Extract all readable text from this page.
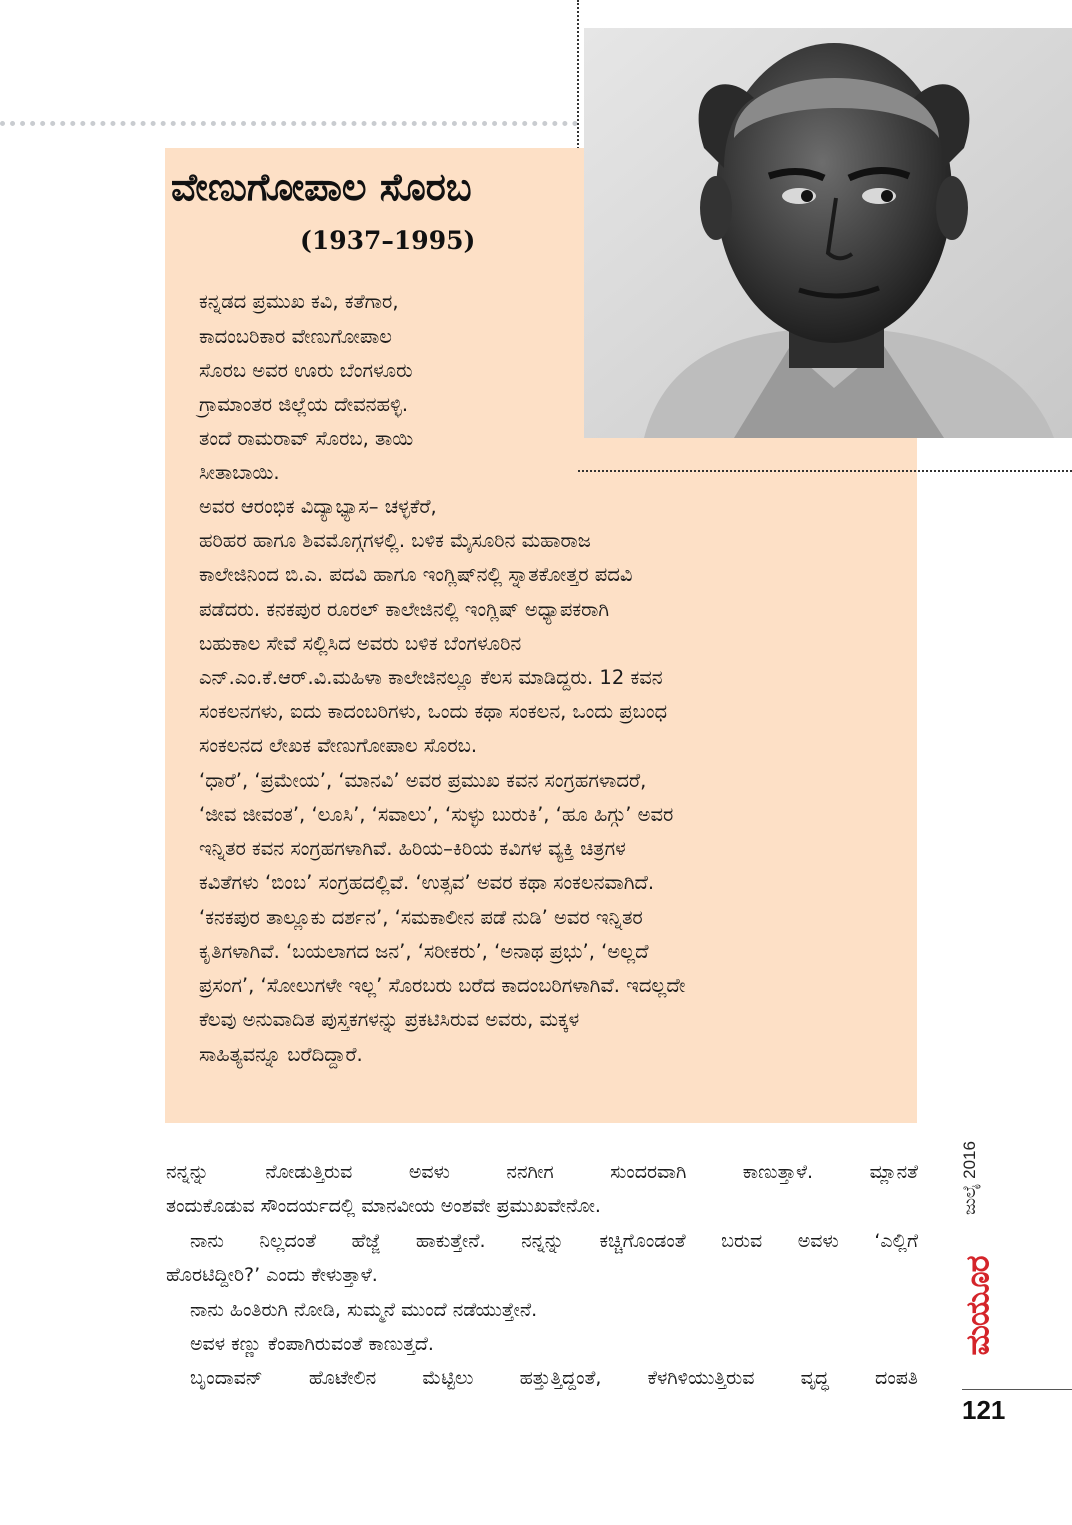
ವೇಣುಗೋಪಾಲ ಸೊರಬ
(1937–1995)
ಕನ್ನಡದ ಪ್ರಮುಖ ಕವಿ, ಕತೆಗಾರ,
ಕಾದಂಬರಿಕಾರ ವೇಣುಗೋಪಾಲ
ಸೊರಬ ಅವರ ಊರು ಬೆಂಗಳೂರು
ಗ್ರಾಮಾಂತರ ಜಿಲ್ಲೆಯ ದೇವನಹಳ್ಳಿ.
ತಂದೆ ರಾಮರಾವ್ ಸೊರಬ, ತಾಯಿ
ಸೀತಾಬಾಯಿ.
ಅವರ ಆರಂಭಿಕ ವಿದ್ಯಾಭ್ಯಾಸ– ಚಳ್ಳಕೆರೆ,
ಹರಿಹರ ಹಾಗೂ ಶಿವಮೊಗ್ಗಗಳಲ್ಲಿ. ಬಳಿಕ ಮೈಸೂರಿನ ಮಹಾರಾಜ
ಕಾಲೇಜಿನಿಂದ ಬಿ.ಎ. ಪದವಿ ಹಾಗೂ ಇಂಗ್ಲಿಷ್‌ನಲ್ಲಿ ಸ್ನಾತಕೋತ್ತರ ಪದವಿ
ಪಡೆದರು. ಕನಕಪುರ ರೂರಲ್ ಕಾಲೇಜಿನಲ್ಲಿ ಇಂಗ್ಲಿಷ್ ಅಧ್ಯಾಪಕರಾಗಿ
ಬಹುಕಾಲ ಸೇವೆ ಸಲ್ಲಿಸಿದ ಅವರು ಬಳಿಕ ಬೆಂಗಳೂರಿನ
ಎನ್.ಎಂ.ಕೆ.ಆರ್.ವಿ.ಮಹಿಳಾ ಕಾಲೇಜಿನಲ್ಲೂ ಕೆಲಸ ಮಾಡಿದ್ದರು. 12 ಕವನ
ಸಂಕಲನಗಳು, ಐದು ಕಾದಂಬರಿಗಳು, ಒಂದು ಕಥಾ ಸಂಕಲನ, ಒಂದು ಪ್ರಬಂಧ
ಸಂಕಲನದ ಲೇಖಕ ವೇಣುಗೋಪಾಲ ಸೊರಬ.
‘ಧಾರೆ’, ‘ಪ್ರಮೇಯ’, ‘ಮಾನವಿ’ ಅವರ ಪ್ರಮುಖ ಕವನ ಸಂಗ್ರಹಗಳಾದರೆ,
‘ಜೀವ ಜೀವಂತ’, ‘ಲೂಸಿ’, ‘ಸವಾಲು’, ‘ಸುಳ್ಳು ಬುರುಕಿ’, ‘ಹೂ ಹಿಗ್ಗು’ ಅವರ
ಇನ್ನಿತರ ಕವನ ಸಂಗ್ರಹಗಳಾಗಿವೆ. ಹಿರಿಯ–ಕಿರಿಯ ಕವಿಗಳ ವ್ಯಕ್ತಿ ಚಿತ್ರಗಳ
ಕವಿತೆಗಳು ‘ಬಿಂಬ’ ಸಂಗ್ರಹದಲ್ಲಿವೆ. ‘ಉತ್ಸವ’ ಅವರ ಕಥಾ ಸಂಕಲನವಾಗಿದೆ.
‘ಕನಕಪುರ ತಾಲ್ಲೂಕು ದರ್ಶನ’, ‘ಸಮಕಾಲೀನ ಪಡೆ ನುಡಿ’ ಅವರ ಇನ್ನಿತರ
ಕೃತಿಗಳಾಗಿವೆ. ‘ಬಯಲಾಗದ ಜನ’, ‘ಸರೀಕರು’, ‘ಅನಾಥ ಪ್ರಭು’, ‘ಅಲ್ಲದೆ
ಪ್ರಸಂಗ’, ‘ಸೋಲುಗಳೇ ಇಲ್ಲ’ ಸೊರಬರು ಬರೆದ ಕಾದಂಬರಿಗಳಾಗಿವೆ. ಇದಲ್ಲದೇ
ಕೆಲವು ಅನುವಾದಿತ ಪುಸ್ತಕಗಳನ್ನು ಪ್ರಕಟಿಸಿರುವ ಅವರು, ಮಕ್ಕಳ
ಸಾಹಿತ್ಯವನ್ನೂ ಬರೆದಿದ್ದಾರೆ.
ನನ್ನನ್ನು ನೋಡುತ್ತಿರುವ ಅವಳು ನನಗೀಗ ಸುಂದರವಾಗಿ ಕಾಣುತ್ತಾಳೆ. ಮ್ಲಾನತೆ
ತಂದುಕೊಡುವ ಸೌಂದರ್ಯದಲ್ಲಿ ಮಾನವೀಯ ಅಂಶವೇ ಪ್ರಮುಖವೇನೋ.
ನಾನು ನಿಲ್ಲದಂತೆ ಹೆಜ್ಜೆ ಹಾಕುತ್ತೇನೆ. ನನ್ನನ್ನು ಕಚ್ಚಿಗೊಂಡಂತೆ ಬರುವ ಅವಳು ‘ಎಲ್ಲಿಗೆ
ಹೊರಟಿದ್ದೀರಿ?’ ಎಂದು ಕೇಳುತ್ತಾಳೆ.
ನಾನು ಹಿಂತಿರುಗಿ ನೋಡಿ, ಸುಮ್ಮನೆ ಮುಂದೆ ನಡೆಯುತ್ತೇನೆ.
ಅವಳ ಕಣ್ಣು ಕೆಂಪಾಗಿರುವಂತೆ ಕಾಣುತ್ತದೆ.
ಬೃಂದಾವನ್ ಹೊಟೇಲಿನ ಮೆಟ್ಟಿಲು ಹತ್ತುತ್ತಿದ್ದಂತೆ, ಕೆಳಗಿಳಿಯುತ್ತಿರುವ ವೃದ್ಧ ದಂಪತಿ
ಜುಲೈ 2016
ಮಯೂರ
121
